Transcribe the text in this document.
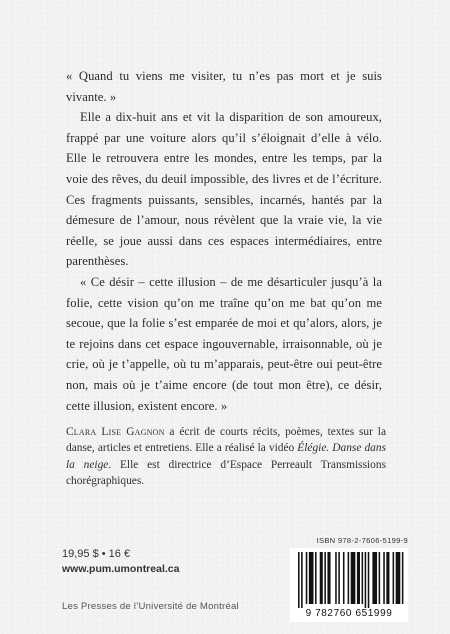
« Quand tu viens me visiter, tu n’es pas mort et je suis vivante. »

Elle a dix-huit ans et vit la disparition de son amoureux, frappé par une voiture alors qu’il s’éloignait d’elle à vélo. Elle le retrouvera entre les mondes, entre les temps, par la voie des rêves, du deuil impossible, des livres et de l’écriture. Ces fragments puissants, sensibles, incarnés, hantés par la démesure de l’amour, nous révèlent que la vraie vie, la vie réelle, se joue aussi dans ces espaces intermédiaires, entre parenthèses.

« Ce désir – cette illusion – de me désarticuler jusqu’à la folie, cette vision qu’on me traîne qu’on me bat qu’on me secoue, que la folie s’est emparée de moi et qu’alors, alors, je te rejoins dans cet espace ingouvernable, irraisonnable, où je crie, où je t’appelle, où tu m’apparais, peut-être oui peut-être non, mais où je t’aime encore (de tout mon être), ce désir, cette illusion, existent encore. »

Clara Lise Gagnon a écrit de courts récits, poèmes, textes sur la danse, articles et entretiens. Elle a réalisé la vidéo Élégie. Danse dans la neige. Elle est directrice d’Espace Perreault Transmissions chorégraphiques.

19,95 $ • 16 €
www.pum.umontreal.ca
Les Presses de l’Université de Montréal
ISBN 978-2-7606-5199-9
9 782760 651999
